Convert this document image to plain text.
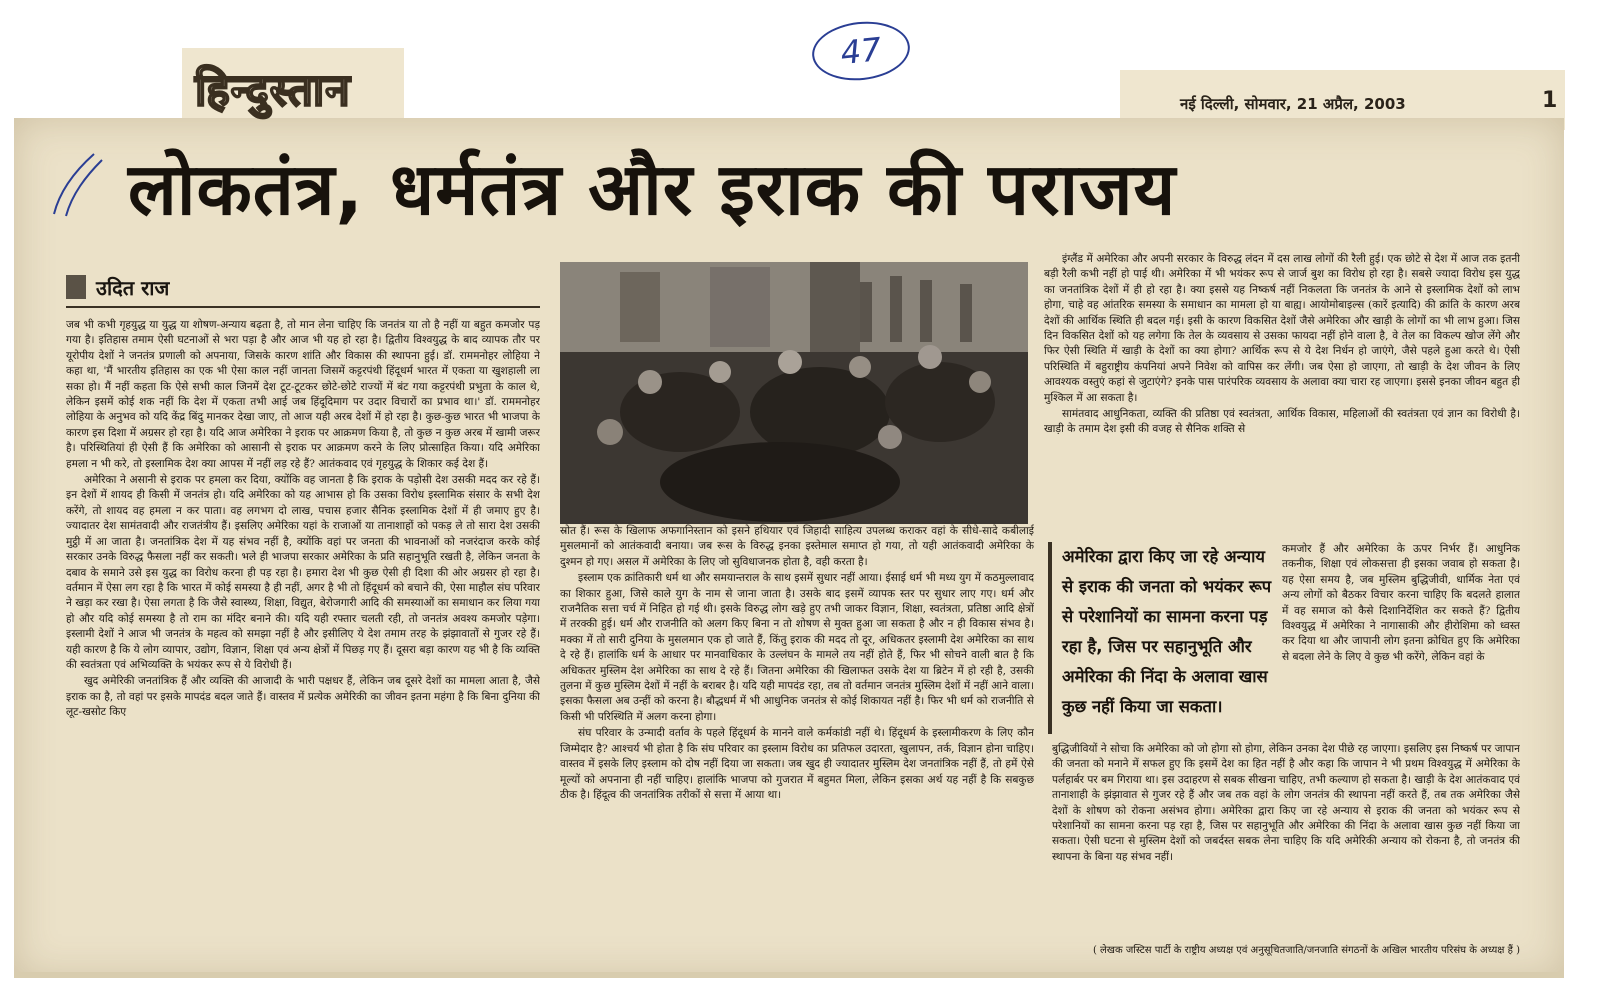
हिन्दुस्तान	नई दिल्ली, सोमवार, 21 अप्रैल, 2003	1
47
लोकतंत्र, धर्मतंत्र और इराक की पराजय
उदित राज

जब भी कभी गृहयुद्ध या युद्ध या शोषण-अन्याय बढ़ता है, तो मान लेना चाहिए कि जनतंत्र या तो है नहीं या बहुत कमजोर पड़ गया है। इतिहास तमाम ऐसी घटनाओं से भरा पड़ा है और आज भी यह हो रहा है। द्वितीय विश्वयुद्ध के बाद व्यापक तौर पर यूरोपीय देशों ने जनतंत्र प्रणाली को अपनाया, जिसके कारण शांति और विकास की स्थापना हुई। डॉ. राममनोहर लोहिया ने कहा था, 'मैं भारतीय इतिहास का एक भी ऐसा काल नहीं जानता जिसमें कट्टरपंथी हिंदूधर्म भारत में एकता या खुशहाली ला सका हो। मैं नहीं कहता कि ऐसे सभी काल जिनमें देश टूट-टूटकर छोटे-छोटे राज्यों में बंट गया कट्टरपंथी प्रभुता के काल थे, लेकिन इसमें कोई शक नहीं कि देश में एकता तभी आई जब हिंदूदिमाग पर उदार विचारों का प्रभाव था।' डॉ. राममनोहर लोहिया के अनुभव को यदि केंद्र बिंदु मानकर देखा जाए, तो आज यही अरब देशों में हो रहा है। कुछ-कुछ भारत भी भाजपा के कारण इस दिशा में अग्रसर हो रहा है। यदि आज अमेरिका ने इराक पर आक्रमण किया है, तो कुछ न कुछ अरब में खामी जरूर है। परिस्थितियां ही ऐसी हैं कि अमेरिका को आसानी से इराक पर आक्रमण करने के लिए प्रोत्साहित किया। यदि अमेरिका हमला न भी करे, तो इस्लामिक देश क्या आपस में नहीं लड़ रहे हैं? आतंकवाद एवं गृहयुद्ध के शिकार कई देश हैं।

अमेरिका ने असानी से इराक पर हमला कर दिया, क्योंकि वह जानता है कि इराक के पड़ोसी देश उसकी मदद कर रहे हैं। इन देशों में शायद ही किसी में जनतंत्र हो। यदि अमेरिका को यह आभास हो कि उसका विरोध इस्लामिक संसार के सभी देश करेंगे, तो शायद वह हमला न कर पाता। वह लगभग दो लाख, पचास हजार सैनिक इस्लामिक देशों में ही जमाए हुए है। ज्यादातर देश सामंतवादी और राजतंत्रीय हैं। इसलिए अमेरिका यहां के राजाओं या तानाशाहों को पकड़ ले तो सारा देश उसकी मुट्ठी में आ जाता है। जनतांत्रिक देश में यह संभव नहीं है, क्योंकि वहां पर जनता की भावनाओं को नजरंदाज करके कोई सरकार उनके विरुद्ध फैसला नहीं कर सकती। भले ही भाजपा सरकार अमेरिका के प्रति सहानुभूति रखती है, लेकिन जनता के दबाव के समाने उसे इस युद्ध का विरोध करना ही पड़ रहा है। हमारा देश भी कुछ ऐसी ही दिशा की ओर अग्रसर हो रहा है। वर्तमान में ऐसा लग रहा है कि भारत में कोई समस्या है ही नहीं, अगर है भी तो हिंदूधर्म को बचाने की, ऐसा माहौल संघ परिवार ने खड़ा कर रखा है। ऐसा लगता है कि जैसे स्वास्थ्य, शिक्षा, विद्युत, बेरोजगारी आदि की समस्याओं का समाधान कर लिया गया हो और यदि कोई समस्या है तो राम का मंदिर बनाने की। यदि यही रफ्तार चलती रही, तो जनतंत्र अवश्य कमजोर पड़ेगा। इस्लामी देशों ने आज भी जनतंत्र के महत्व को समझा नहीं है और इसीलिए ये देश तमाम तरह के झंझावातों से गुजर रहे हैं। यही कारण है कि ये लोग व्यापार, उद्योग, विज्ञान, शिक्षा एवं अन्य क्षेत्रों में पिछड़ गए हैं। दूसरा बड़ा कारण यह भी है कि व्यक्ति की स्वतंत्रता एवं अभिव्यक्ति के भयंकर रूप से ये विरोधी हैं।

खुद अमेरिकी जनतांत्रिक हैं और व्यक्ति की आजादी के भारी पक्षधर हैं, लेकिन जब दूसरे देशों का मामला आता है, जैसे इराक का है, तो वहां पर इसके मापदंड बदल जाते हैं। वास्तव में प्रत्येक अमेरिकी का जीवन इतना महंगा है कि बिना दुनिया की लूट-खसोट किए

स्रोत हैं। रूस के खिलाफ अफगानिस्तान को इसने हथियार एवं जिहादी साहित्य उपलब्ध कराकर वहां के सीधे-सादे कबीलाई मुसलमानों को आतंकवादी बनाया। जब रूस के विरुद्ध इनका इस्तेमाल समाप्त हो गया, तो यही आतंकवादी अमेरिका के दुश्मन हो गए। असल में अमेरिका के लिए जो सुविधाजनक होता है, वही करता है।

इस्लाम एक क्रांतिकारी धर्म था और समयान्तराल के साथ इसमें सुधार नहीं आया। ईसाई धर्म भी मध्य युग में कठमुल्लावाद का शिकार हुआ, जिसे काले युग के नाम से जाना जाता है। उसके बाद इसमें व्यापक स्तर पर सुधार लाए गए। धर्म और राजनैतिक सत्ता चर्च में निहित हो गई थी। इसके विरुद्ध लोग खड़े हुए तभी जाकर विज्ञान, शिक्षा, स्वतंत्रता, प्रतिष्ठा आदि क्षेत्रों में तरक्की हुई। धर्म और राजनीति को अलग किए बिना न तो शोषण से मुक्त हुआ जा सकता है और न ही विकास संभव है। मक्का में तो सारी दुनिया के मुसलमान एक हो जाते हैं, किंतु इराक की मदद तो दूर, अधिकतर इस्लामी देश अमेरिका का साथ दे रहे हैं। हालांकि धर्म के आधार पर मानवाधिकार के उल्लंघन के मामले तय नहीं होते हैं, फिर भी सोचने वाली बात है कि अधिकतर मुस्लिम देश अमेरिका का साथ दे रहे हैं। जितना अमेरिका की खिलाफत उसके देश या ब्रिटेन में हो रही है, उसकी तुलना में कुछ मुस्लिम देशों में नहीं के बराबर है। यदि यही मापदंड रहा, तब तो वर्तमान जनतंत्र मुस्लिम देशों में नहीं आने वाला। इसका फैसला अब उन्हीं को करना है। बौद्धधर्म में भी आधुनिक जनतंत्र से कोई शिकायत नहीं है। फिर भी धर्म को राजनीति से किसी भी परिस्थिति में अलग करना होगा।

संघ परिवार के उन्मादी वर्ताव के पहले हिंदूधर्म के मानने वाले कर्मकांडी नहीं थे। हिंदूधर्म के इस्लामीकरण के लिए कौन जिम्मेदार है? आश्चर्य भी होता है कि संघ परिवार का इस्लाम विरोध का प्रतिफल उदारता, खुलापन, तर्क, विज्ञान होना चाहिए। वास्तव में इसके लिए इस्लाम को दोष नहीं दिया जा सकता। जब खुद ही ज्यादातर मुस्लिम देश जनतांत्रिक नहीं हैं, तो हमें ऐसे मूल्यों को अपनाना ही नहीं चाहिए। हालांकि भाजपा को गुजरात में बहुमत मिला, लेकिन इसका अर्थ यह नहीं है कि सबकुछ ठीक है। हिंदूत्व की जनतांत्रिक तरीकों से सत्ता में आया था।

इंग्लैंड में अमेरिका और अपनी सरकार के विरुद्ध लंदन में दस लाख लोगों की रैली हुई। एक छोटे से देश में आज तक इतनी बड़ी रैली कभी नहीं हो पाई थी। अमेरिका में भी भयंकर रूप से जार्ज बुश का विरोध हो रहा है। सबसे ज्यादा विरोध इस युद्ध का जनतांत्रिक देशों में ही हो रहा है। क्या इससे यह निष्कर्ष नहीं निकलता कि जनतंत्र के आने से इस्लामिक देशों को लाभ होगा, चाहे वह आंतरिक समस्या के समाधान का मामला हो या बाह्य। आयोमोबाइल्स (कारें इत्यादि) की क्रांति के कारण अरब देशों की आर्थिक स्थिति ही बदल गई। इसी के कारण विकसित देशों जैसे अमेरिका और खाड़ी के लोगों का भी लाभ हुआ। जिस दिन विकसित देशों को यह लगेगा कि तेल के व्यवसाय से उसका फायदा नहीं होने वाला है, वे तेल का विकल्प खोज लेंगे और फिर ऐसी स्थिति में खाड़ी के देशों का क्या होगा? आर्थिक रूप से ये देश निर्धन हो जाएंगे, जैसे पहले हुआ करते थे। ऐसी परिस्थिति में बहुराष्ट्रीय कंपनियां अपने निवेश को वापिस कर लेंगी। जब ऐसा हो जाएगा, तो खाड़ी के देश जीवन के लिए आवश्यक वस्तुएं कहां से जुटाएंगे? इनके पास पारंपरिक व्यवसाय के अलावा क्या चारा रह जाएगा। इससे इनका जीवन बहुत ही मुश्किल में आ सकता है।

सामंतवाद आधुनिकता, व्यक्ति की प्रतिष्ठा एवं स्वतंत्रता, आर्थिक विकास, महिलाओं की स्वतंत्रता एवं ज्ञान का विरोधी है। खाड़ी के तमाम देश इसी की वजह से सैनिक शक्ति से

अमेरिका द्वारा किए जा रहे अन्याय से इराक की जनता को भयंकर रूप से परेशानियों का सामना करना पड़ रहा है, जिस पर सहानुभूति और अमेरिका की निंदा के अलावा खास कुछ नहीं किया जा सकता।

कमजोर हैं और अमेरिका के ऊपर निर्भर हैं। आधुनिक तकनीक, शिक्षा एवं लोकसत्ता ही इसका जवाब हो सकता है। यह ऐसा समय है, जब मुस्लिम बुद्धिजीवी, धार्मिक नेता एवं अन्य लोगों को बैठकर विचार करना चाहिए कि बदलते हालात में वह समाज को कैसे दिशानिर्देशित कर सकते हैं? द्वितीय विश्वयुद्ध में अमेरिका ने नागासाकी और हीरोशिमा को ध्वस्त कर दिया था और जापानी लोग इतना क्रोधित हुए कि अमेरिका से बदला लेने के लिए वे कुछ भी करेंगे, लेकिन वहां के

बुद्धिजीवियों ने सोचा कि अमेरिका को जो होगा सो होगा, लेकिन उनका देश पीछे रह जाएगा। इसलिए इस निष्कर्ष पर जापान की जनता को मनाने में सफल हुए कि इसमें देश का हित नहीं है और कहा कि जापान ने भी प्रथम विश्वयुद्ध में अमेरिका के पर्लहार्बर पर बम गिराया था। इस उदाहरण से सबक सीखना चाहिए, तभी कल्याण हो सकता है। खाड़ी के देश आतंकवाद एवं तानाशाही के झंझावात से गुजर रहे हैं और जब तक वहां के लोग जनतंत्र की स्थापना नहीं करते हैं, तब तक अमेरिका जैसे देशों के शोषण को रोकना असंभव होगा। अमेरिका द्वारा किए जा रहे अन्याय से इराक की जनता को भयंकर रूप से परेशानियों का सामना करना पड़ रहा है, जिस पर सहानुभूति और अमेरिका की निंदा के अलावा खास कुछ नहीं किया जा सकता। ऐसी घटना से मुस्लिम देशों को जबर्दस्त सबक लेना चाहिए कि यदि अमेरिकी अन्याय को रोकना है, तो जनतंत्र की स्थापना के बिना यह संभव नहीं।

( लेखक जस्टिस पार्टी के राष्ट्रीय अध्यक्ष एवं अनुसूचितजाति/जनजाति संगठनों के अखिल भारतीय परिसंघ के अध्यक्ष हैं )
